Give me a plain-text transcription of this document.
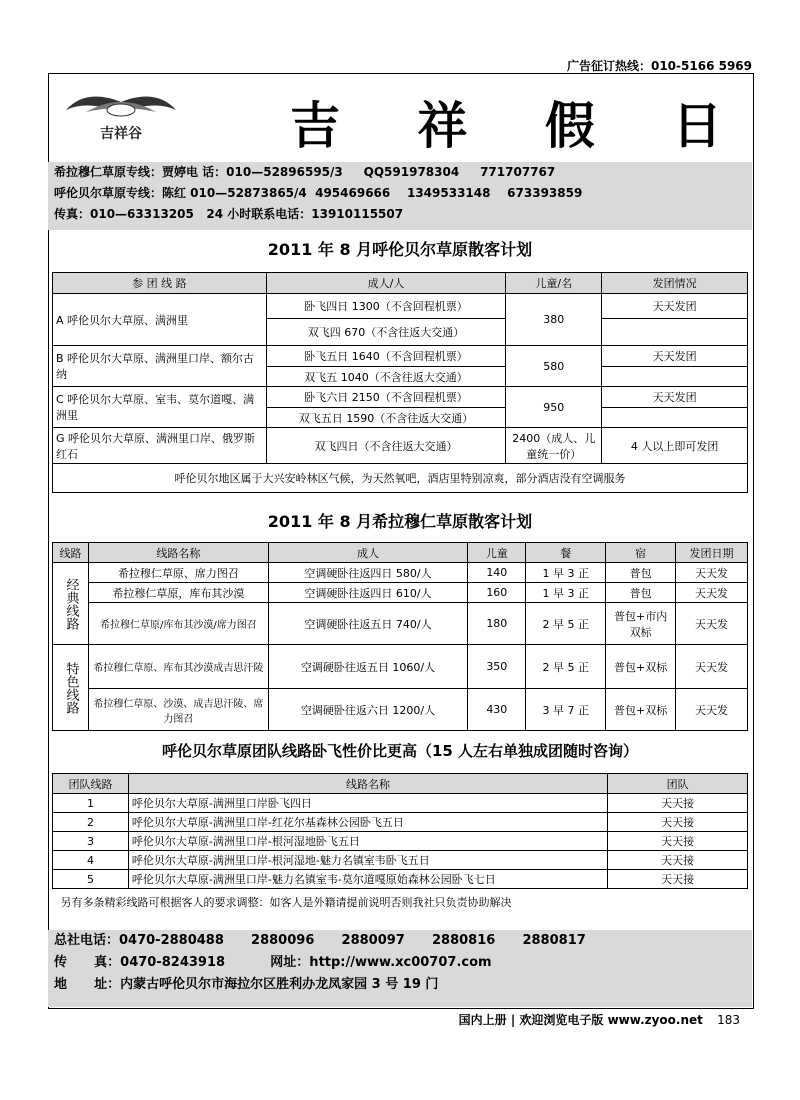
广告征订热线：010-5166 5969
吉祥谷	吉 祥 假 日
希拉穆仁草原专线：贾婷电 话：010—52896595/3     QQ591978304     771707767
呼伦贝尔草原专线：陈红 010—52873865/4  495469666    1349533148    673393859
传真：010—63313205   24 小时联系电话：13910115507
2011 年 8 月呼伦贝尔草原散客计划
参 团 线 路	成人/人	儿童/名	发团情况
A 呼伦贝尔大草原、满洲里	卧飞四日 1300（不含回程机票）	380	天天发团
	双飞四 670（不含往返大交通）		
B 呼伦贝尔大草原、满洲里口岸、额尔古纳	卧飞五日 1640（不含回程机票）	580	天天发团
	双飞五 1040（不含往返大交通）		
C 呼伦贝尔大草原、室韦、莫尔道嘎、满洲里	卧飞六日 2150（不含回程机票）	950	天天发团
	双飞五日 1590（不含往返大交通）		
G 呼伦贝尔大草原、满洲里口岸、俄罗斯红石	双飞四日（不含往返大交通）	2400（成人、儿童统一价）	4 人以上即可发团
呼伦贝尔地区属于大兴安岭林区气候，为天然氧吧，酒店里特别凉爽，部分酒店没有空调服务			
2011 年 8 月希拉穆仁草原散客计划
线路	线路名称	成人	儿童	餐	宿	发团日期
经典线路	希拉穆仁草原、席力图召	空调硬卧往返四日 580/人	140	1 早 3 正	普包	天天发
	希拉穆仁草原，库布其沙漠	空调硬卧往返四日 610/人	160	1 早 3 正	普包	天天发
	希拉穆仁草原/库布其沙漠/席力图召	空调硬卧往返五日 740/人	180	2 早 5 正	普包+市内双标	天天发
特色线路	希拉穆仁草原、库布其沙漠成吉思汗陵	空调硬卧往返五日 1060/人	350	2 早 5 正	普包+双标	天天发
	希拉穆仁草原、沙漠、成吉思汗陵、席力图召	空调硬卧往返六日 1200/人	430	3 早 7 正	普包+双标	天天发
呼伦贝尔草原团队线路卧飞性价比更高（15 人左右单独成团随时咨询）
团队线路	线路名称	团队
1	呼伦贝尔大草原-满洲里口岸卧飞四日	天天接
2	呼伦贝尔大草原-满洲里口岸-红花尔基森林公园卧飞五日	天天接
3	呼伦贝尔大草原-满洲里口岸-根河湿地卧飞五日	天天接
4	呼伦贝尔大草原-满洲里口岸-根河湿地-魅力名镇室韦卧飞五日	天天接
5	呼伦贝尔大草原-满洲里口岸-魅力名镇室韦-莫尔道嘎原始森林公园卧飞七日	天天接
另有多条精彩线路可根据客人的要求调整：如客人是外籍请提前说明否则我社只负责协助解决		
总社电话：0470-2880488      2880096      2880097      2880816      2880817
传      真：0470-8243918          网址：http://www.xc00707.com
地      址：内蒙古呼伦贝尔市海拉尔区胜利办龙凤家园 3 号 19 门
国内上册 | 欢迎浏览电子版 www.zyoo.net 183
